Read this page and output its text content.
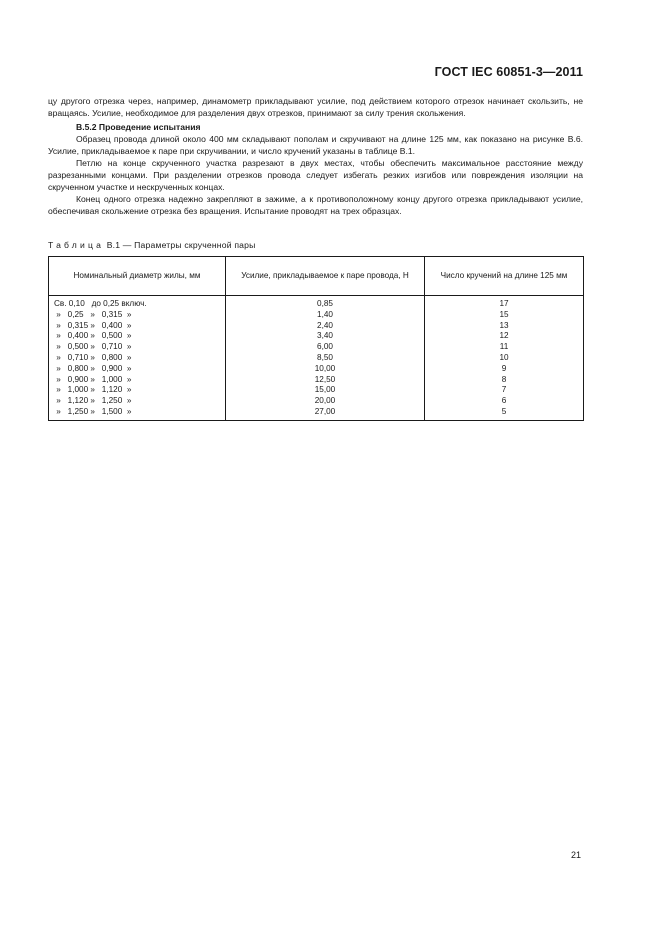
ГОСТ IEC 60851-3—2011

цу другого отрезка через, например, динамометр прикладывают усилие, под действием которого отрезок начинает скользить, не вращаясь. Усилие, необходимое для разделения двух отрезков, принимают за силу трения скольжения.

В.5.2 Проведение испытания

Образец провода длиной около 400 мм складывают пополам и скручивают на длине 125 мм, как показано на рисунке В.6. Усилие, прикладываемое к паре при скручивании, и число кручений указаны в таблице В.1.

Петлю на конце скрученного участка разрезают в двух местах, чтобы обеспечить максимальное расстояние между разрезанными концами. При разделении отрезков провода следует избегать резких изгибов или повреждения изоляции на скрученном участке и нескрученных концах.

Конец одного отрезка надежно закрепляют в зажиме, а к противоположному концу другого отрезка прикладывают усилие, обеспечивая скольжение отрезка без вращения. Испытание проводят на трех образцах.

Таблица В.1 — Параметры скрученной пары
Номинальный диаметр жилы, мм	Усилие, прикладываемое к паре провода, Н	Число кручений на длине 125 мм
Св. 0,10   до 0,25 включ.	0,85	17
»   0,25   »   0,315  »	1,40	15
»   0,315 »   0,400  »	2,40	13
»   0,400 »   0,500  »	3,40	12
»   0,500 »   0,710  »	6,00	11
»   0,710 »   0,800  »	8,50	10
»   0,800 »   0,900  »	10,00	9
»   0,900 »   1,000  »	12,50	8
»   1,000 »   1,120  »	15,00	7
»   1,120 »   1,250  »	20,00	6
»   1,250 »   1,500  »	27,00	5
21
